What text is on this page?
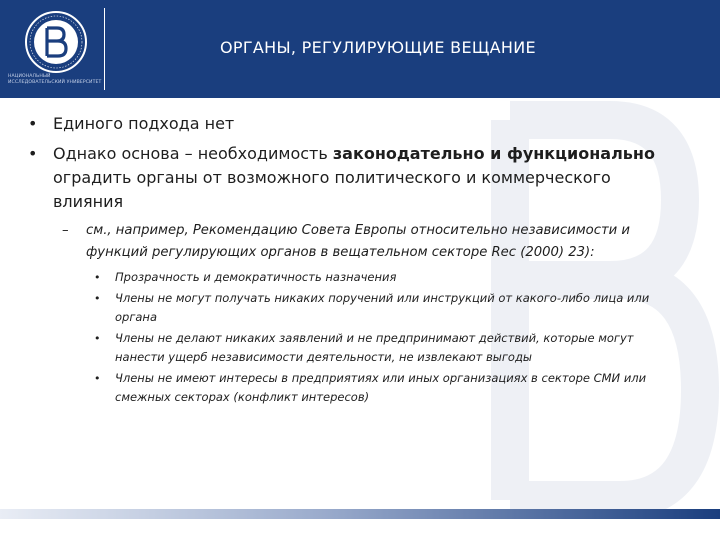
НАЦИОНАЛЬНЫЙ ИССЛЕДОВАТЕЛЬСКИЙ УНИВЕРСИТЕТ
ОРГАНЫ, РЕГУЛИРУЮЩИЕ ВЕЩАНИЕ
• Единого подхода нет
• Однако основа – необходимость законодательно и функционально оградить органы от возможного политического и коммерческого влияния
– см., например, Рекомендацию Совета Европы относительно независимости и функций регулирующих органов в вещательном секторе Rec (2000) 23):
• Прозрачность и демократичность назначения
• Члены не могут получать никаких поручений или инструкций от какого-либо лица или органа
• Члены не делают никаких заявлений и не предпринимают действий, которые могут нанести ущерб независимости деятельности, не извлекают выгоды
• Члены не имеют интересы в предприятиях или иных организациях в секторе СМИ или смежных секторах (конфликт интересов)
